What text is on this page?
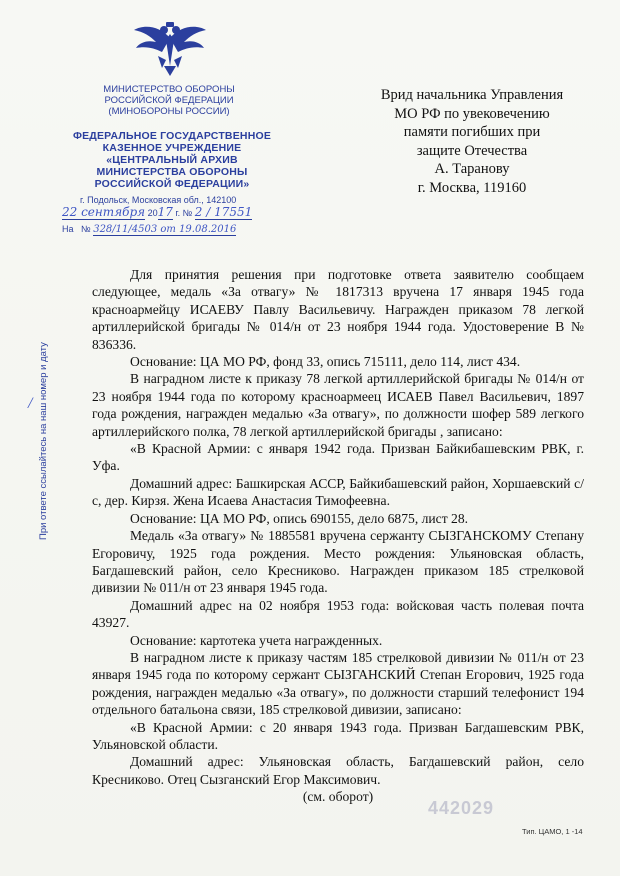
МИНИСТЕРСТВО ОБОРОНЫ
РОССИЙСКОЙ ФЕДЕРАЦИИ
(МИНОБОРОНЫ РОССИИ)
ФЕДЕРАЛЬНОЕ ГОСУДАРСТВЕННОЕ
КАЗЕННОЕ УЧРЕЖДЕНИЕ
«ЦЕНТРАЛЬНЫЙ АРХИВ
МИНИСТЕРСТВА ОБОРОНЫ
РОССИЙСКОЙ ФЕДЕРАЦИИ»
г. Подольск, Московская обл., 142100
22 сентября 2017 г. № 2 / 17551
На № 328/11/4503 от 19.08.2016
Врид начальника Управления
МО РФ по увековечению
памяти погибших при
защите Отечества
А. Таранову
г. Москва, 119160
При ответе ссылайтесь на наш номер и дату
/

Для принятия решения при подготовке ответа заявителю сообщаем следующее, медаль «За отвагу» № 1817313 вручена 17 января 1945 года красноармейцу ИСАЕВУ Павлу Васильевичу. Награжден приказом 78 легкой артиллерийской бригады № 014/н от 23 ноября 1944 года. Удостоверение В № 836336.

Основание: ЦА МО РФ, фонд 33, опись 715111, дело 114, лист 434.

В наградном листе к приказу 78 легкой артиллерийской бригады № 014/н от 23 ноября 1944 года по которому красноармеец ИСАЕВ Павел Васильевич, 1897 года рождения, награжден медалью «За отвагу», по должности шофер 589 легкого артиллерийского полка, 78 легкой артиллерийской бригады , записано:

«В Красной Армии: с января 1942 года. Призван Байкибашевским РВК, г. Уфа.

Домашний адрес: Башкирская АССР, Байкибашевский район, Хоршаевский с/с, дер. Кирзя. Жена Исаева Анастасия Тимофеевна.

Основание: ЦА МО РФ, опись 690155, дело 6875, лист 28.

Медаль «За отвагу» № 1885581 вручена сержанту СЫЗГАНСКОМУ Степану Егоровичу, 1925 года рождения. Место рождения: Ульяновская область, Багдашевский район, село Кресниково. Награжден приказом 185 стрелковой дивизии № 011/н от 23 января 1945 года.

Домашний адрес на 02 ноября 1953 года: войсковая часть полевая почта 43927.

Основание: картотека учета награжденных.

В наградном листе к приказу частям 185 стрелковой дивизии № 011/н от 23 января 1945 года по которому сержант СЫЗГАНСКИЙ Степан Егорович, 1925 года рождения, награжден медалью «За отвагу», по должности старший телефонист 194 отдельного батальона связи, 185 стрелковой дивизии, записано:

«В Красной Армии: с 20 января 1943 года. Призван Багдашевским РВК, Ульяновской области.

Домашний адрес: Ульяновская область, Багдашевский район, село Кресниково. Отец Сызганский Егор Максимович.

(см. оборот)

442029
Тип. ЦАМО, 1 -14
